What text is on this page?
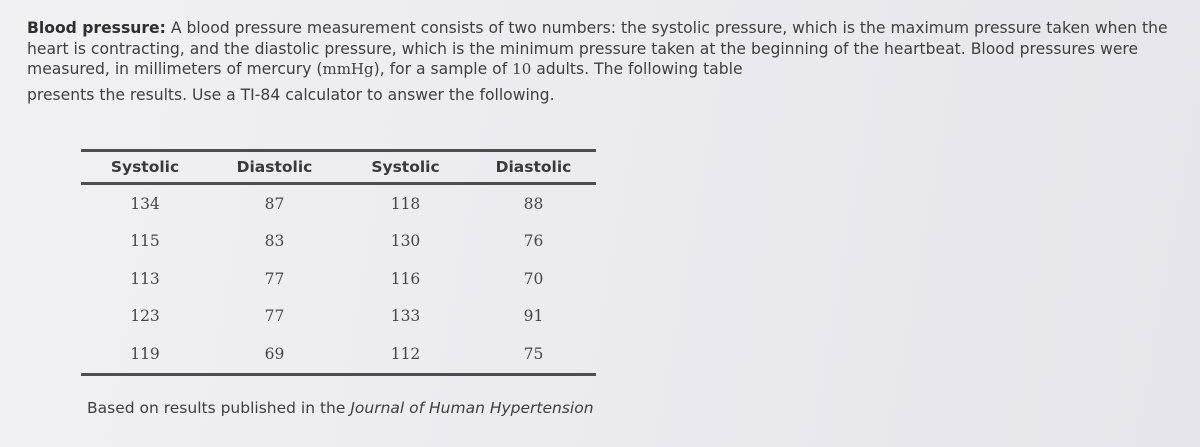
Blood pressure: A blood pressure measurement consists of two numbers: the systolic pressure, which is the maximum pressure taken when the heart is contracting, and the diastolic pressure, which is the minimum pressure taken at the beginning of the heartbeat. Blood pressures were measured, in millimeters of mercury (mmHg), for a sample of 10 adults. The following table
presents the results. Use a TI-84 calculator to answer the following.
Systolic	Diastolic	Systolic	Diastolic
134	87	118	88
115	83	130	76
113	77	116	70
123	77	133	91
119	69	112	75
Based on results published in the Journal of Human Hypertension
